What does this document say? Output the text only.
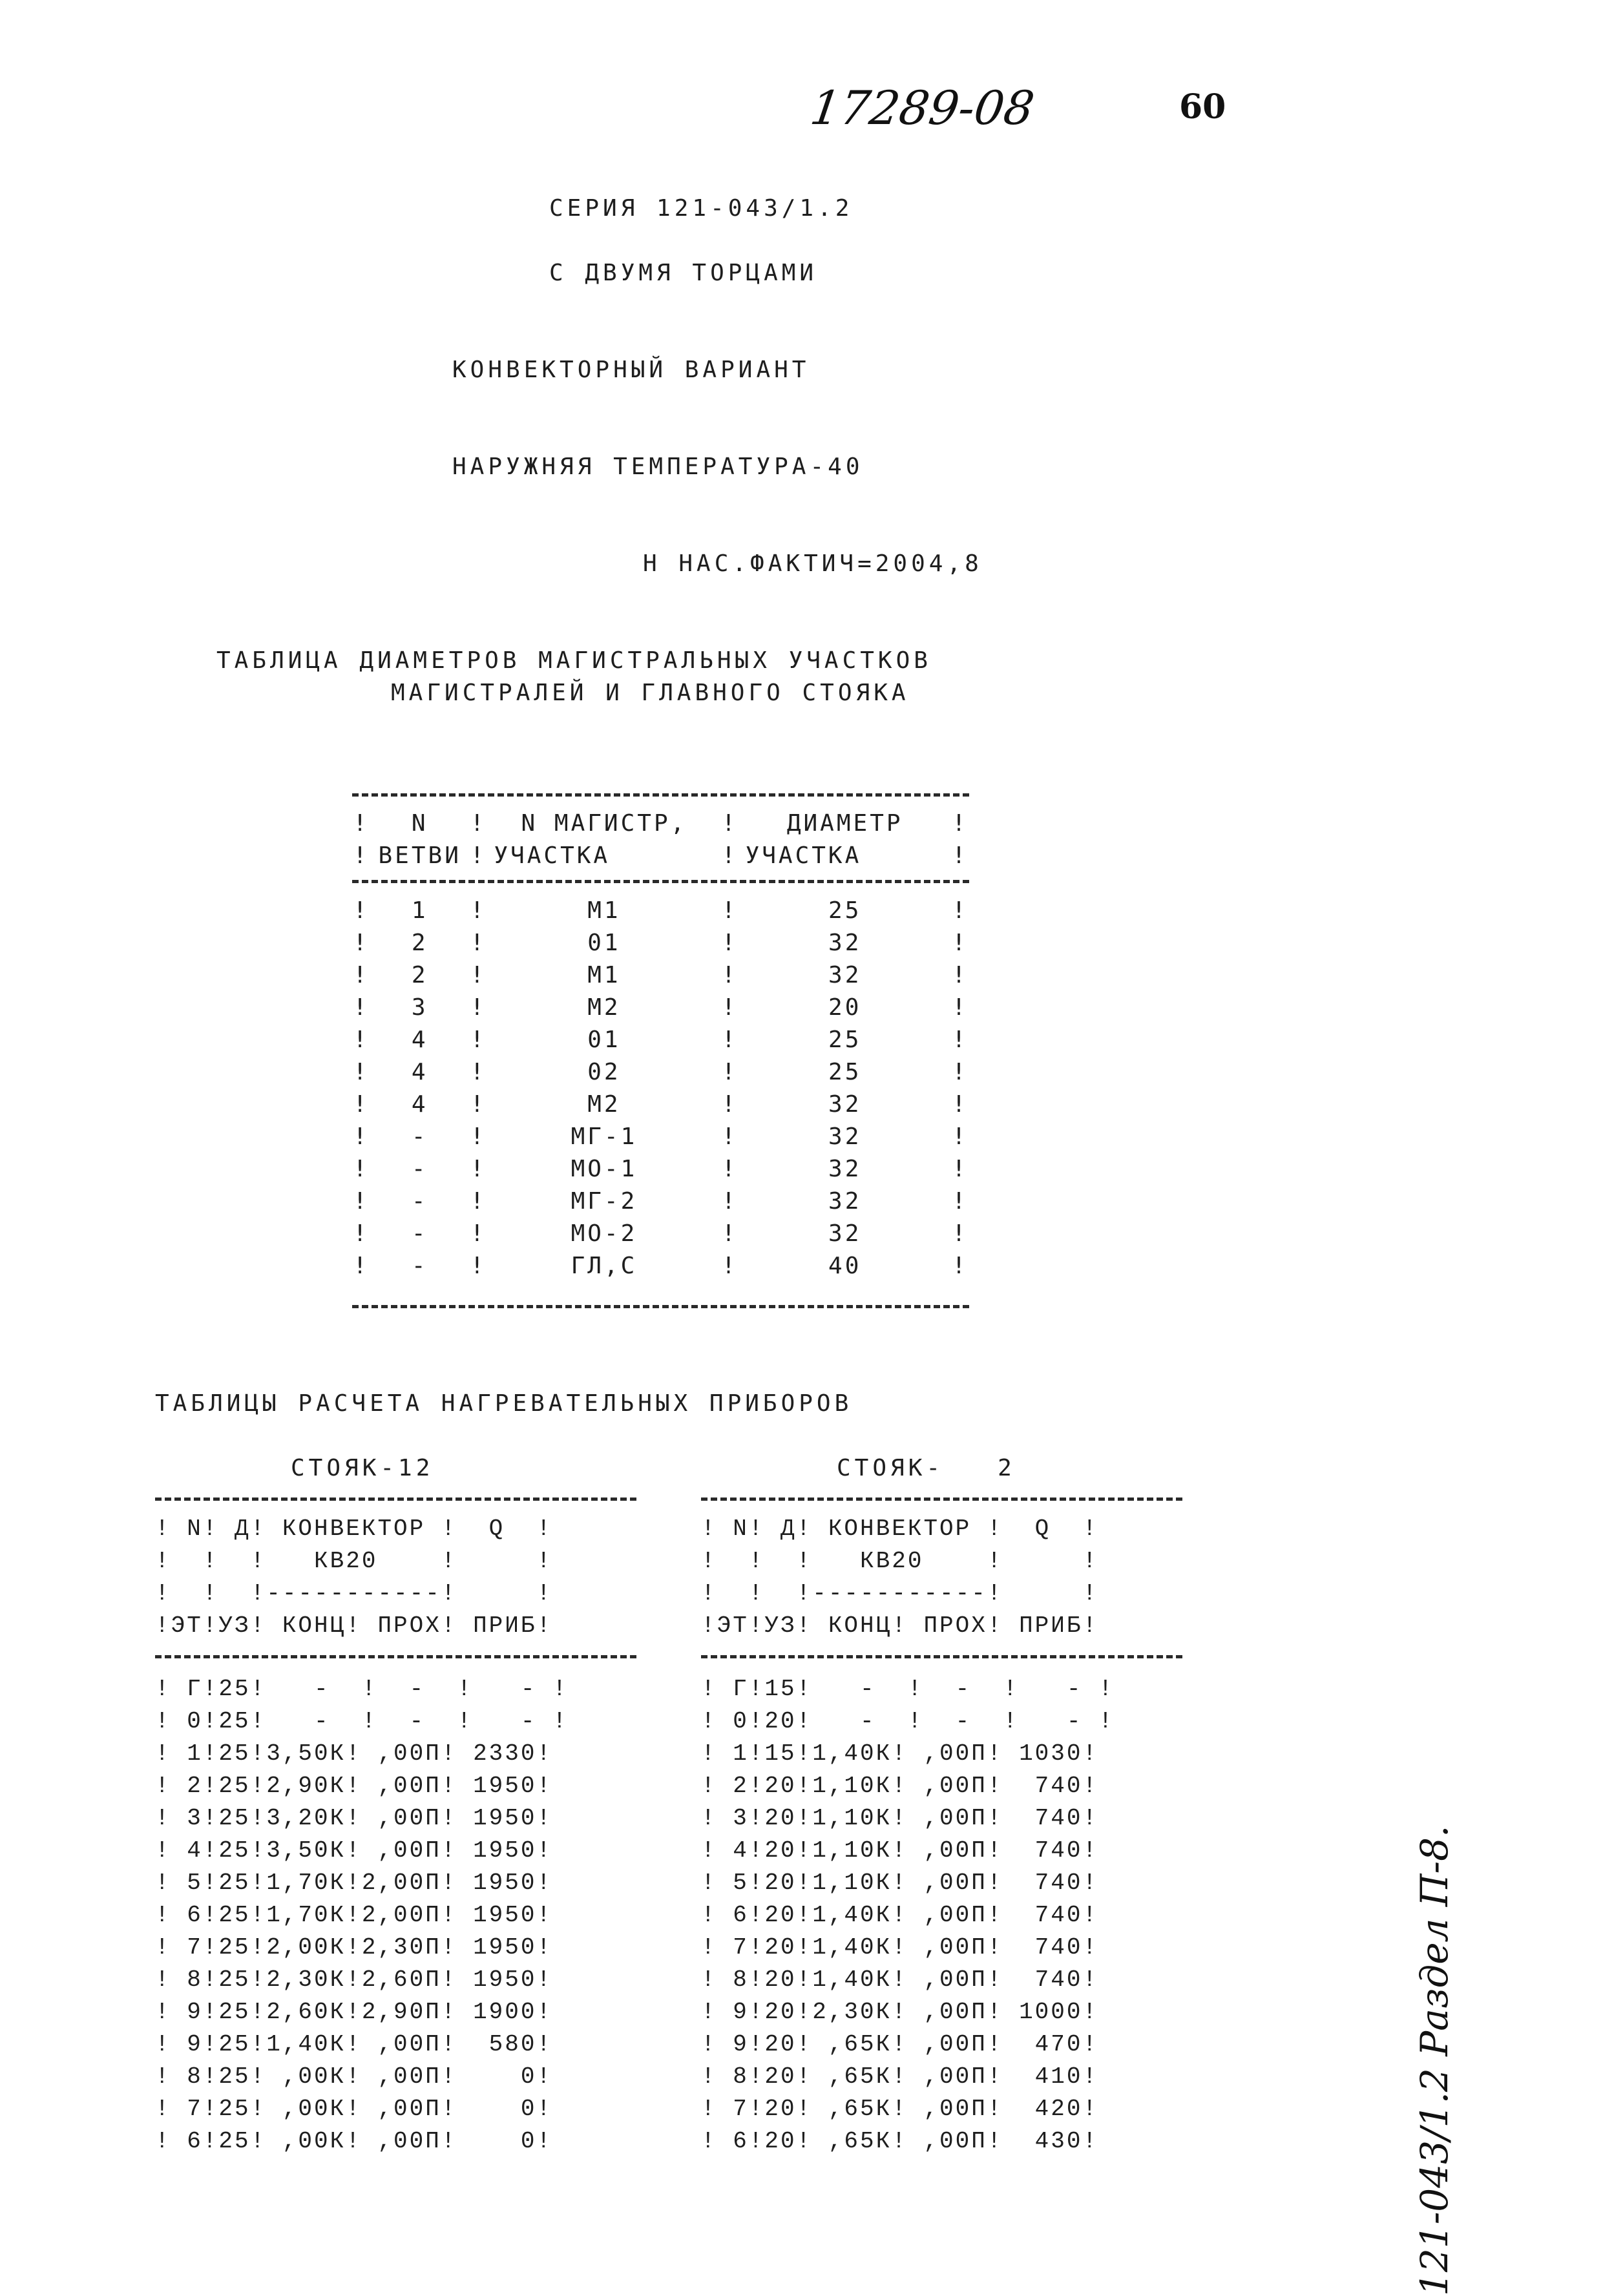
17289-08	60
СЕРИЯ 121-043/1.2
С ДВУМЯ ТОРЦАМИ
КОНВЕКТОРНЫЙ ВАРИАНТ
НАРУЖНЯЯ ТЕМПЕРАТУРА-40
Н НАС.ФАКТИЧ=2004,8
ТАБЛИЦА ДИАМЕТРОВ МАГИСТРАЛЬНЫХ УЧАСТКОВ
МАГИСТРАЛЕЙ И ГЛАВНОГО СТОЯКА
!	N	!	N МАГИСТР,	!	ДИАМЕТР	!
!	ВЕТВИ	!	УЧАСТКА	!	УЧАСТКА	!
!	1	!	М1	!	25	!
!	2	!	01	!	32	!
!	2	!	М1	!	32	!
!	3	!	М2	!	20	!
!	4	!	01	!	25	!
!	4	!	02	!	25	!
!	4	!	М2	!	32	!
!	-	!	МГ-1	!	32	!
!	-	!	МО-1	!	32	!
!	-	!	МГ-2	!	32	!
!	-	!	МО-2	!	32	!
!	-	!	ГЛ,С	!	40	!
ТАБЛИЦЫ РАСЧЕТА НАГРЕВАТЕЛЬНЫХ ПРИБОРОВ
СТОЯК-12
! N! Д! КОНВЕКТОР !  Q  !
!  !  !   КВ20    !     !
!  !  !-----------!     !
!ЭТ!УЗ! КОНЦ! ПРОХ! ПРИБ!
! Г!25!   -  !  -  !   - !
! 0!25!   -  !  -  !   - !
! 1!25!3,50К! ,00П! 2330!
! 2!25!2,90К! ,00П! 1950!
! 3!25!3,20К! ,00П! 1950!
! 4!25!3,50К! ,00П! 1950!
! 5!25!1,70К!2,00П! 1950!
! 6!25!1,70К!2,00П! 1950!
! 7!25!2,00К!2,30П! 1950!
! 8!25!2,30К!2,60П! 1950!
! 9!25!2,60К!2,90П! 1900!
! 9!25!1,40К! ,00П!  580!
! 8!25! ,00К! ,00П!    0!
! 7!25! ,00К! ,00П!    0!
! 6!25! ,00К! ,00П!    0!
СТОЯК-   2
! N! Д! КОНВЕКТОР !  Q  !
!  !  !   КВ20    !     !
!  !  !-----------!     !
!ЭТ!УЗ! КОНЦ! ПРОХ! ПРИБ!
! Г!15!   -  !  -  !   - !
! 0!20!   -  !  -  !   - !
! 1!15!1,40К! ,00П! 1030!
! 2!20!1,10К! ,00П!  740!
! 3!20!1,10К! ,00П!  740!
! 4!20!1,10К! ,00П!  740!
! 5!20!1,10К! ,00П!  740!
! 6!20!1,40К! ,00П!  740!
! 7!20!1,40К! ,00П!  740!
! 8!20!1,40К! ,00П!  740!
! 9!20!2,30К! ,00П! 1000!
! 9!20! ,65К! ,00П!  470!
! 8!20! ,65К! ,00П!  410!
! 7!20! ,65К! ,00П!  420!
! 6!20! ,65К! ,00П!  430!	121-043/1.2 Раздел П-8.
